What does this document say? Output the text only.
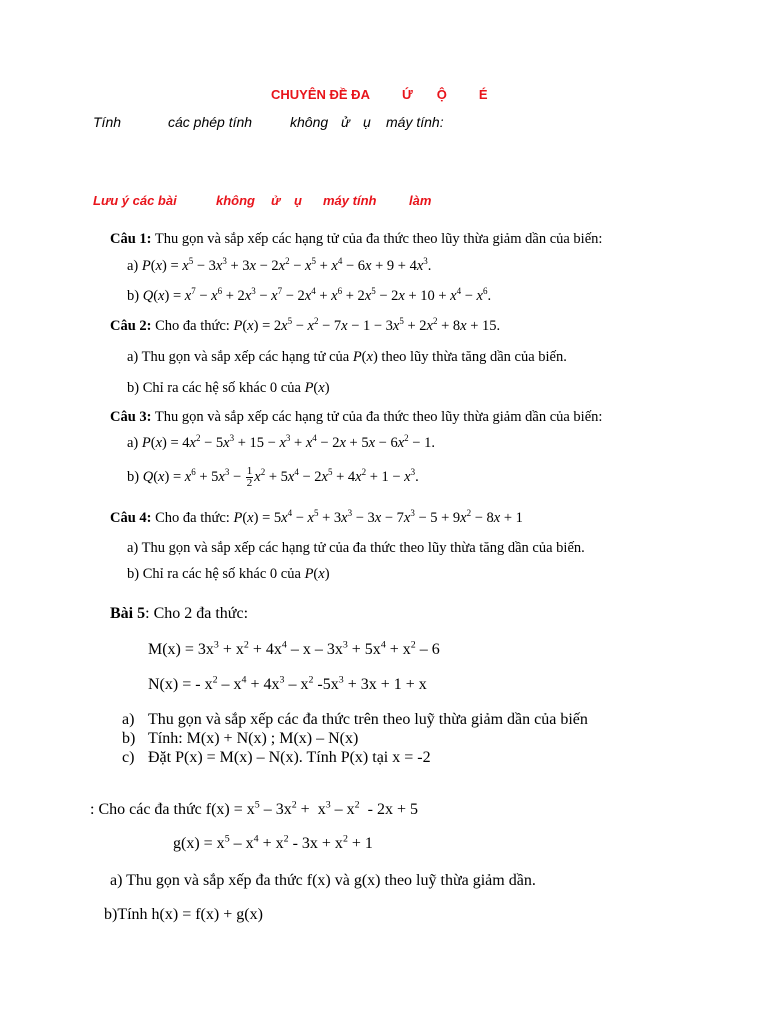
CHUYÊN ĐỀ ĐA Ứ Ộ É
Tính	các phép tính	không ử ụ máy tính:
Lưu ý các bài	không ử ụ máy tính	làm
Câu 1: Thu gọn và sắp xếp các hạng tử của đa thức theo lũy thừa giảm dần của biến:
a) $P(x) = x^5 - 3x^3 + 3x - 2x^2 - x^5 + x^4 - 6x + 9 + 4x^3$.
b) $Q(x) = x^7 - x^6 + 2x^3 - x^7 - 2x^4 + x^6 + 2x^5 - 2x + 10 + x^4 - x^6$.
Câu 2: Cho đa thức: $P(x) = 2x^5 - x^2 - 7x - 1 - 3x^5 + 2x^2 + 8x + 15$.
a) Thu gọn và sắp xếp các hạng tử của P(x) theo lũy thừa tăng dần của biến.
b) Chỉ ra các hệ số khác 0 của P(x)
Câu 3: Thu gọn và sắp xếp các hạng tử của đa thức theo lũy thừa giảm dần của biến:
a) $P(x) = 4x^2 - 5x^3 + 15 - x^3 + x^4 - 2x + 5x - 6x^2 - 1$.
b) $Q(x) = x^6 + 5x^3 - \frac{1}{2} x^2 + 5x^4 - 2x^5 + 4x^2 + 1 - x^3$.
Câu 4: Cho đa thức: $P(x) = 5x^4 - x^5 + 3x^3 - 3x - 7x^3 - 5 + 9x^2 - 8x + 1$
a) Thu gọn và sắp xếp các hạng tử của đa thức theo lũy thừa tăng dần của biến.
b) Chỉ ra các hệ số khác 0 của P(x)
Bài 5: Cho 2 đa thức:
$M(x) = 3x^3 + x^2 + 4x^4 - x - 3x^3 + 5x^4 + x^2 - 6$
N(x) = - $x^2 - x^4 + 4x^3 - x^2$ $-5x^3 + 3x + 1 + x$
a) Thu gọn và sắp xếp các đa thức trên theo luỹ thừa giảm dần của biến
b) Tính: M(x) + N(x) ; M(x) – N(x)
c) Đặt P(x) = M(x) – N(x). Tính P(x) tại x = -2
: Cho các đa thức $f(x) = x^5 - 3x^2 + x^3 - x^2 - 2x + 5$
$g(x) = x^5 - x^4 + x^2 - 3x + x^2 + 1$
a) Thu gọn và sắp xếp đa thức f(x) và g(x) theo luỹ thừa giảm dần.
b)Tính h(x) = f(x) + g(x)
